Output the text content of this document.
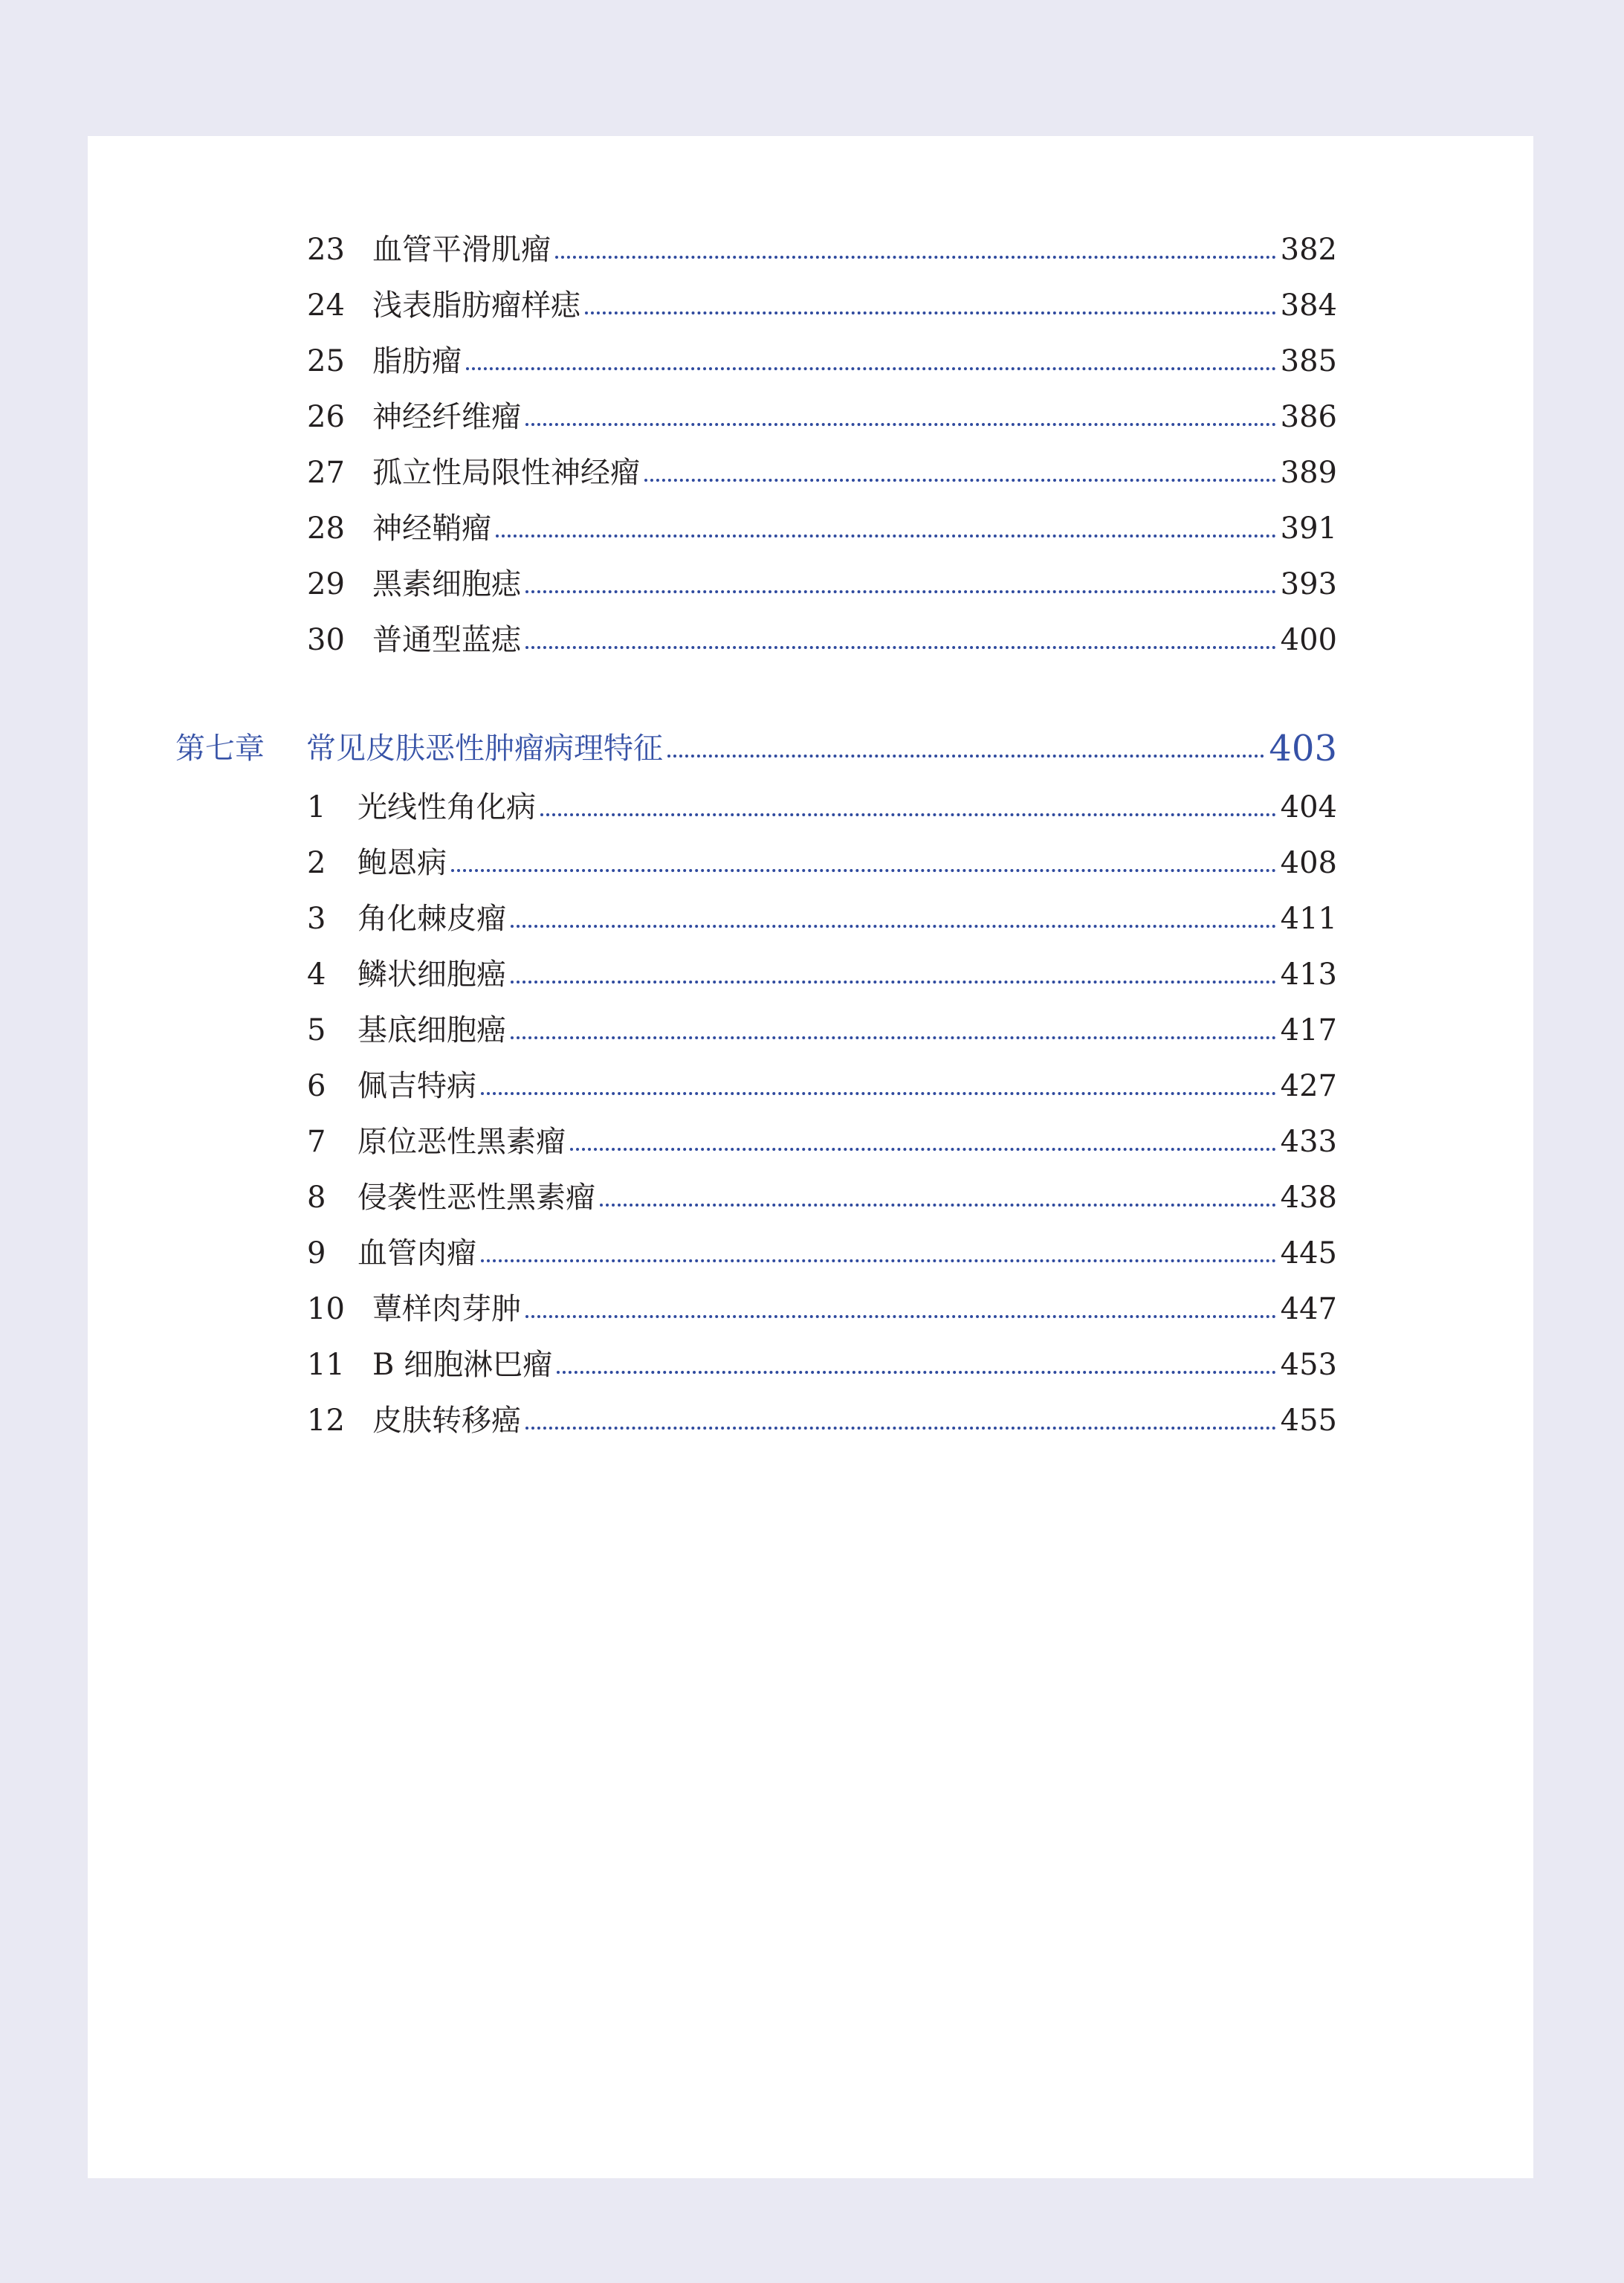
23 血管平滑肌瘤	382
24 浅表脂肪瘤样痣	384
25 脂肪瘤	385
26 神经纤维瘤	386
27 孤立性局限性神经瘤	389
28 神经鞘瘤	391
29 黑素细胞痣	393
30 普通型蓝痣	400
第七章	常见皮肤恶性肿瘤病理特征	403
1	光线性角化病	404
2	鲍恩病	408
3	角化棘皮瘤	411
4	鳞状细胞癌	413
5	基底细胞癌	417
6	佩吉特病	427
7	原位恶性黑素瘤	433
8	侵袭性恶性黑素瘤	438
9	血管肉瘤	445
10 蕈样肉芽肿	447
11 B 细胞淋巴瘤	453
12 皮肤转移癌	455
